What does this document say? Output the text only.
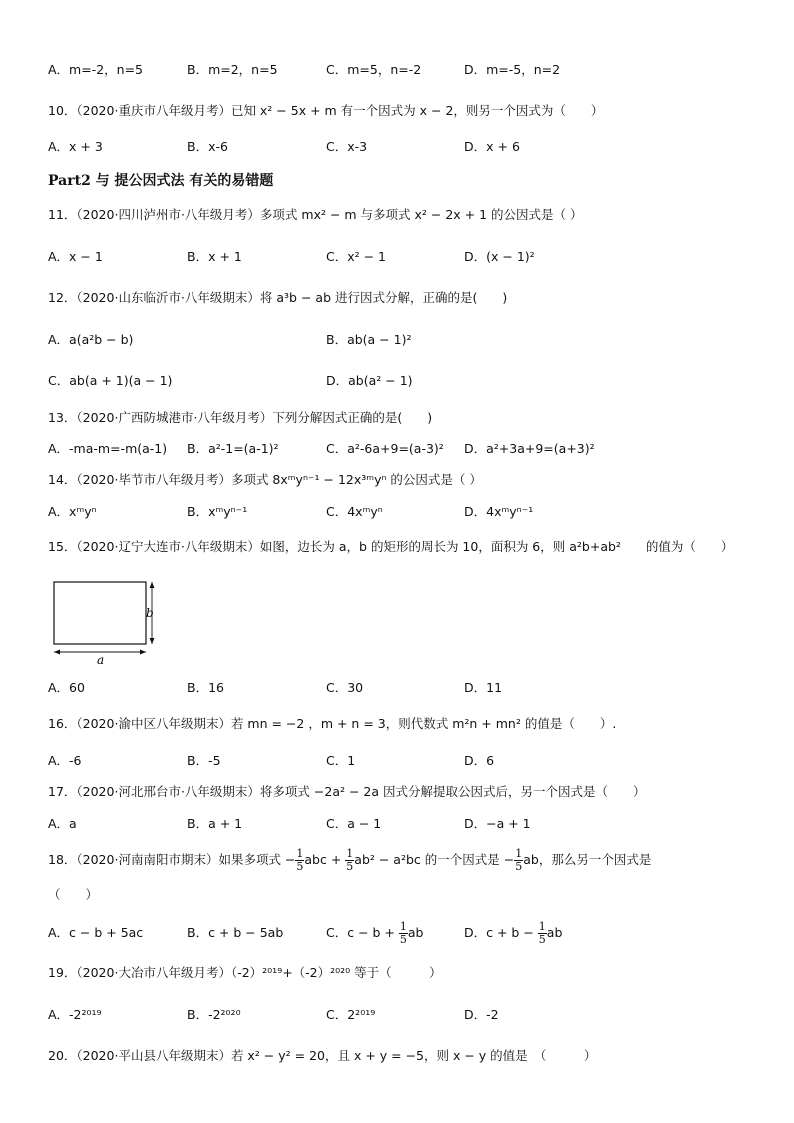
A．m=-2，n=5	B．m=2，n=5	C．m=5，n=-2	D．m=-5，n=2
10．（2020·重庆市八年级月考）已知 x² − 5x + m 有一个因式为 x − 2，则另一个因式为（　　）
A．x + 3	B．x-6	C．x-3	D．x + 6
Part2 与 提公因式法 有关的易错题
11．（2020·四川泸州市·八年级月考）多项式 mx² − m 与多项式 x² − 2x + 1 的公因式是（ ）
A．x − 1	B．x + 1	C．x² − 1	D．(x − 1)²
12．（2020·山东临沂市·八年级期末）将 a³b − ab 进行因式分解，正确的是(　　)
A．a(a²b − b)	B．ab(a − 1)²
C．ab(a + 1)(a − 1)	D．ab(a² − 1)
13．（2020·广西防城港市·八年级月考）下列分解因式正确的是(　　)
A．-ma-m=-m(a-1) B．a²-1=(a-1)²	C．a²-6a+9=(a-3)² D．a²+3a+9=(a+3)²
14．（2020·毕节市八年级月考）多项式 8xᵐyⁿ⁻¹ − 12x³ᵐyⁿ 的公因式是（ ）
A．xᵐyⁿ	B．xᵐyⁿ⁻¹	C．4xᵐyⁿ	D．4xᵐyⁿ⁻¹
15．（2020·辽宁大连市·八年级期末）如图，边长为 a，b 的矩形的周长为 10，面积为 6，则 a²b+ab²　　的值为（　　）
b
a
A．60	B．16	C．30	D．11
16．（2020·渝中区八年级期末）若 mn = −2 ，m + n = 3，则代数式 m²n + mn² 的值是（　　）.
A．-6	B．-5	C．1	D．6
17．（2020·河北邢台市·八年级期末）将多项式 −2a² − 2a 因式分解提取公因式后，另一个因式是（　　）
A．a	B．a + 1	C．a − 1	D．−a + 1
18．（2020·河南南阳市期末）如果多项式 − $\frac{1}{5}$ abc + $\frac{1}{5} ab^2 - a^2bc$ 的一个因式是 − $\frac{1}{5}$ ab，那么另一个因式是
（　　）
A．c − b + 5ac	B．c + b − 5ab	C．$c - b + \frac{1}{5}$ ab	D．$c + b - \frac{1}{5}$ ab
19．（2020·大冶市八年级月考）（-2）²⁰¹⁹+（-2）²⁰²⁰ 等于（　　　）
A．-2²⁰¹⁹	B．-2²⁰²⁰	C．2²⁰¹⁹	D．-2
20．（2020·平山县八年级期末）若 x² − y² = 20，且 x + y = −5，则 x − y 的值是　（　　　）
